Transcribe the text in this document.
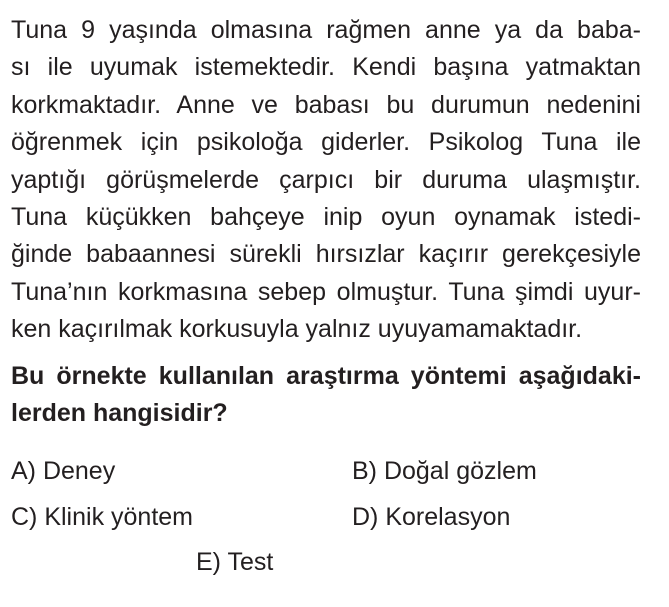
Tuna 9 yaşında olmasına rağmen anne ya da baba-
sı ile uyumak istemektedir. Kendi başına yatmaktan
korkmaktadır. Anne ve babası bu durumun nedenini
öğrenmek için psikoloğa giderler. Psikolog Tuna ile
yaptığı görüşmelerde çarpıcı bir duruma ulaşmıştır.
Tuna küçükken bahçeye inip oyun oynamak istedi-
ğinde babaannesi sürekli hırsızlar kaçırır gerekçesiyle
Tuna’nın korkmasına sebep olmuştur. Tuna şimdi uyur-
ken kaçırılmak korkusuyla yalnız uyuyamamaktadır.
Bu örnekte kullanılan araştırma yöntemi aşağıdaki-
lerden hangisidir?
A) Deney	B) Doğal gözlem
C) Klinik yöntem	D) Korelasyon
E) Test
